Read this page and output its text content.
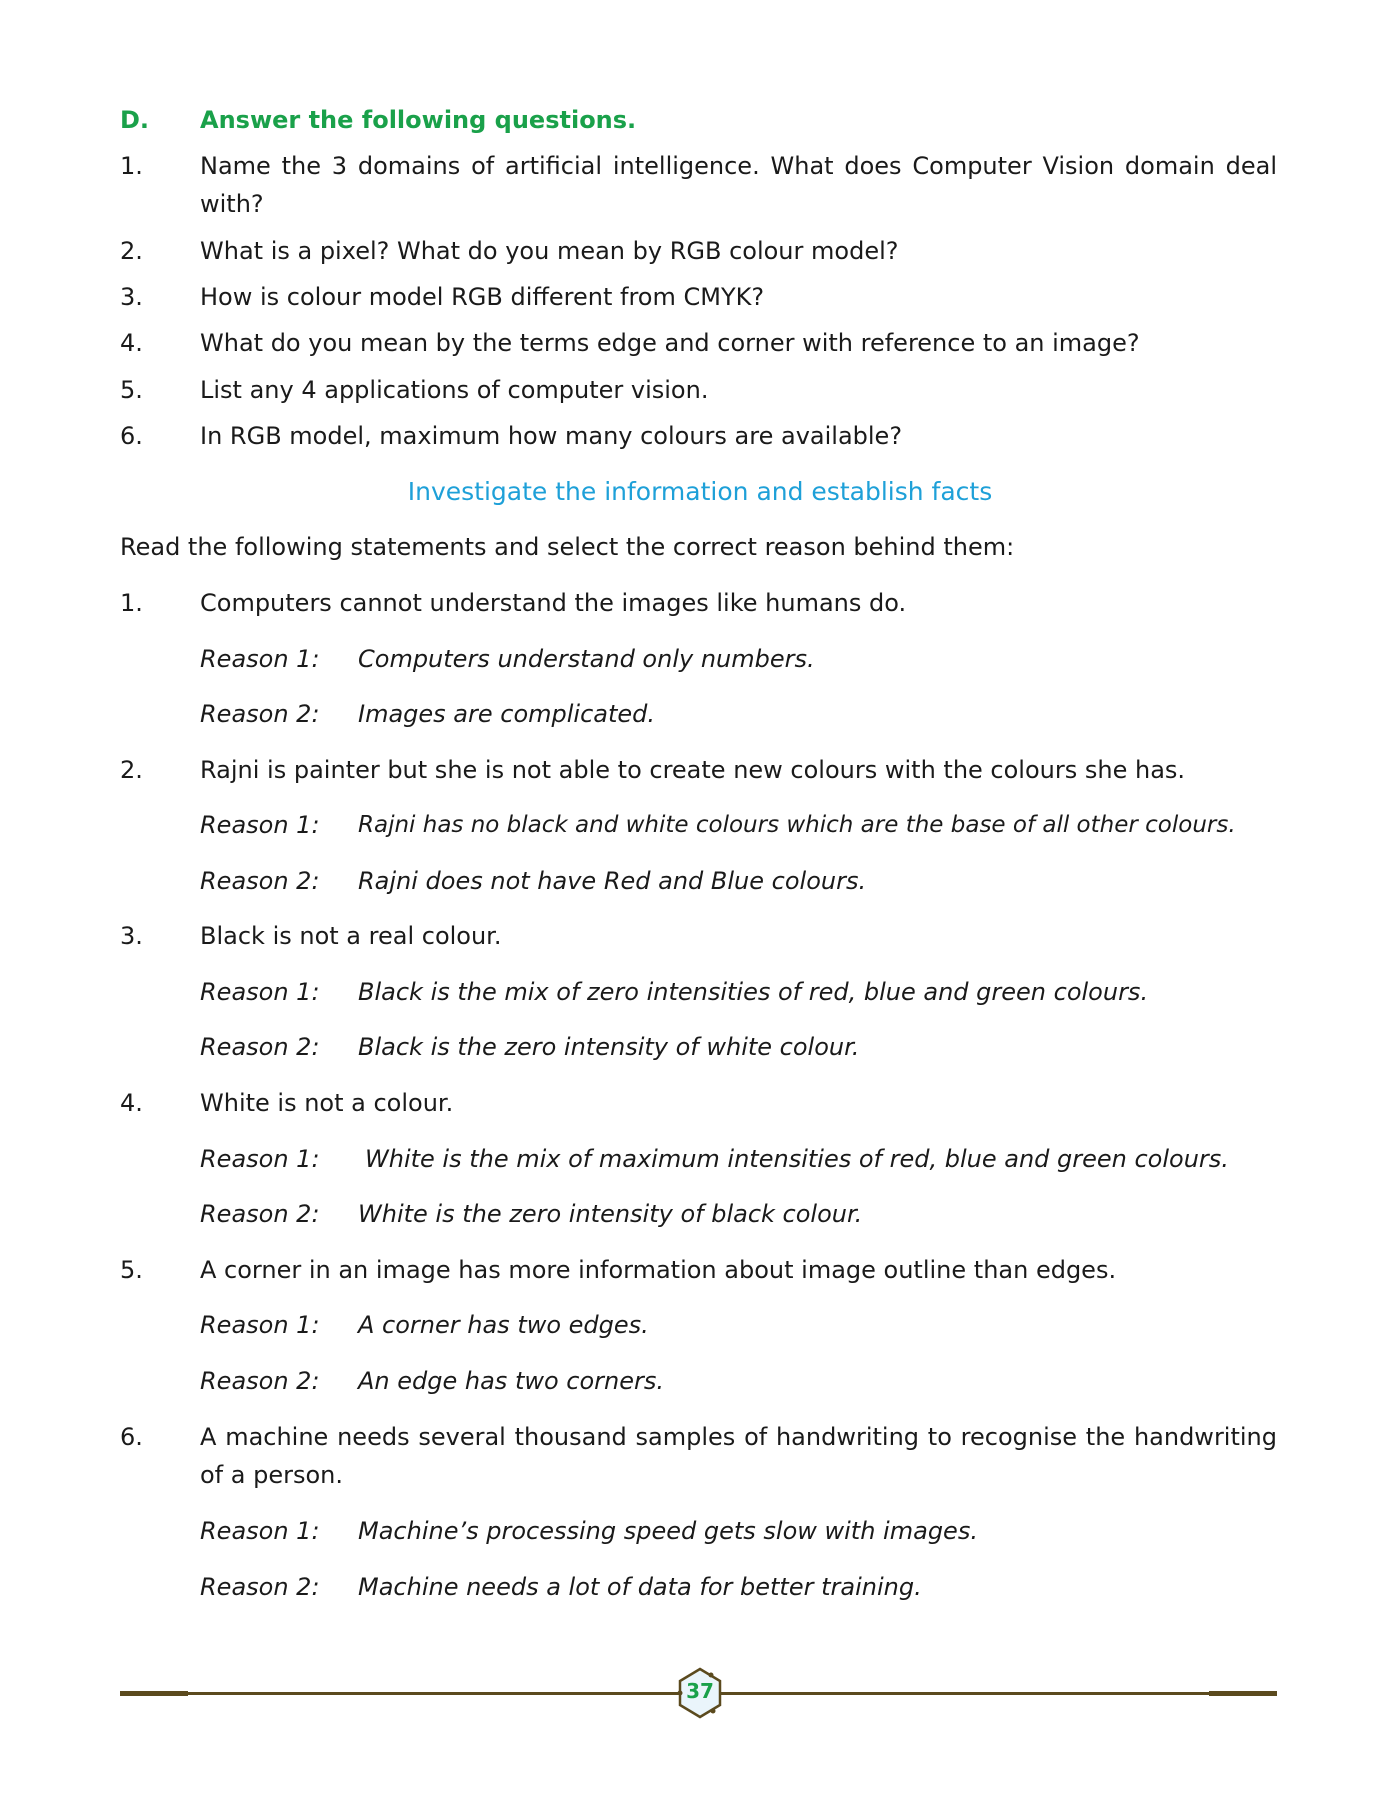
D. Answer the following questions.
1. Name the 3 domains of artificial intelligence. What does Computer Vision domain deal with?
2. What is a pixel? What do you mean by RGB colour model?
3. How is colour model RGB different from CMYK?
4. What do you mean by the terms edge and corner with reference to an image?
5. List any 4 applications of computer vision.
6. In RGB model, maximum how many colours are available?
Investigate the information and establish facts
Read the following statements and select the correct reason behind them:
1. Computers cannot understand the images like humans do.
Reason 1: Computers understand only numbers.
Reason 2: Images are complicated.
2. Rajni is painter but she is not able to create new colours with the colours she has.
Reason 1: Rajni has no black and white colours which are the base of all other colours.
Reason 2: Rajni does not have Red and Blue colours.
3. Black is not a real colour.
Reason 1: Black is the mix of zero intensities of red, blue and green colours.
Reason 2: Black is the zero intensity of white colour.
4. White is not a colour.
Reason 1: White is the mix of maximum intensities of red, blue and green colours.
Reason 2: White is the zero intensity of black colour.
5. A corner in an image has more information about image outline than edges.
Reason 1: A corner has two edges.
Reason 2: An edge has two corners.
6. A machine needs several thousand samples of handwriting to recognise the handwriting of a person.
Reason 1: Machine’s processing speed gets slow with images.
Reason 2: Machine needs a lot of data for better training.
37
